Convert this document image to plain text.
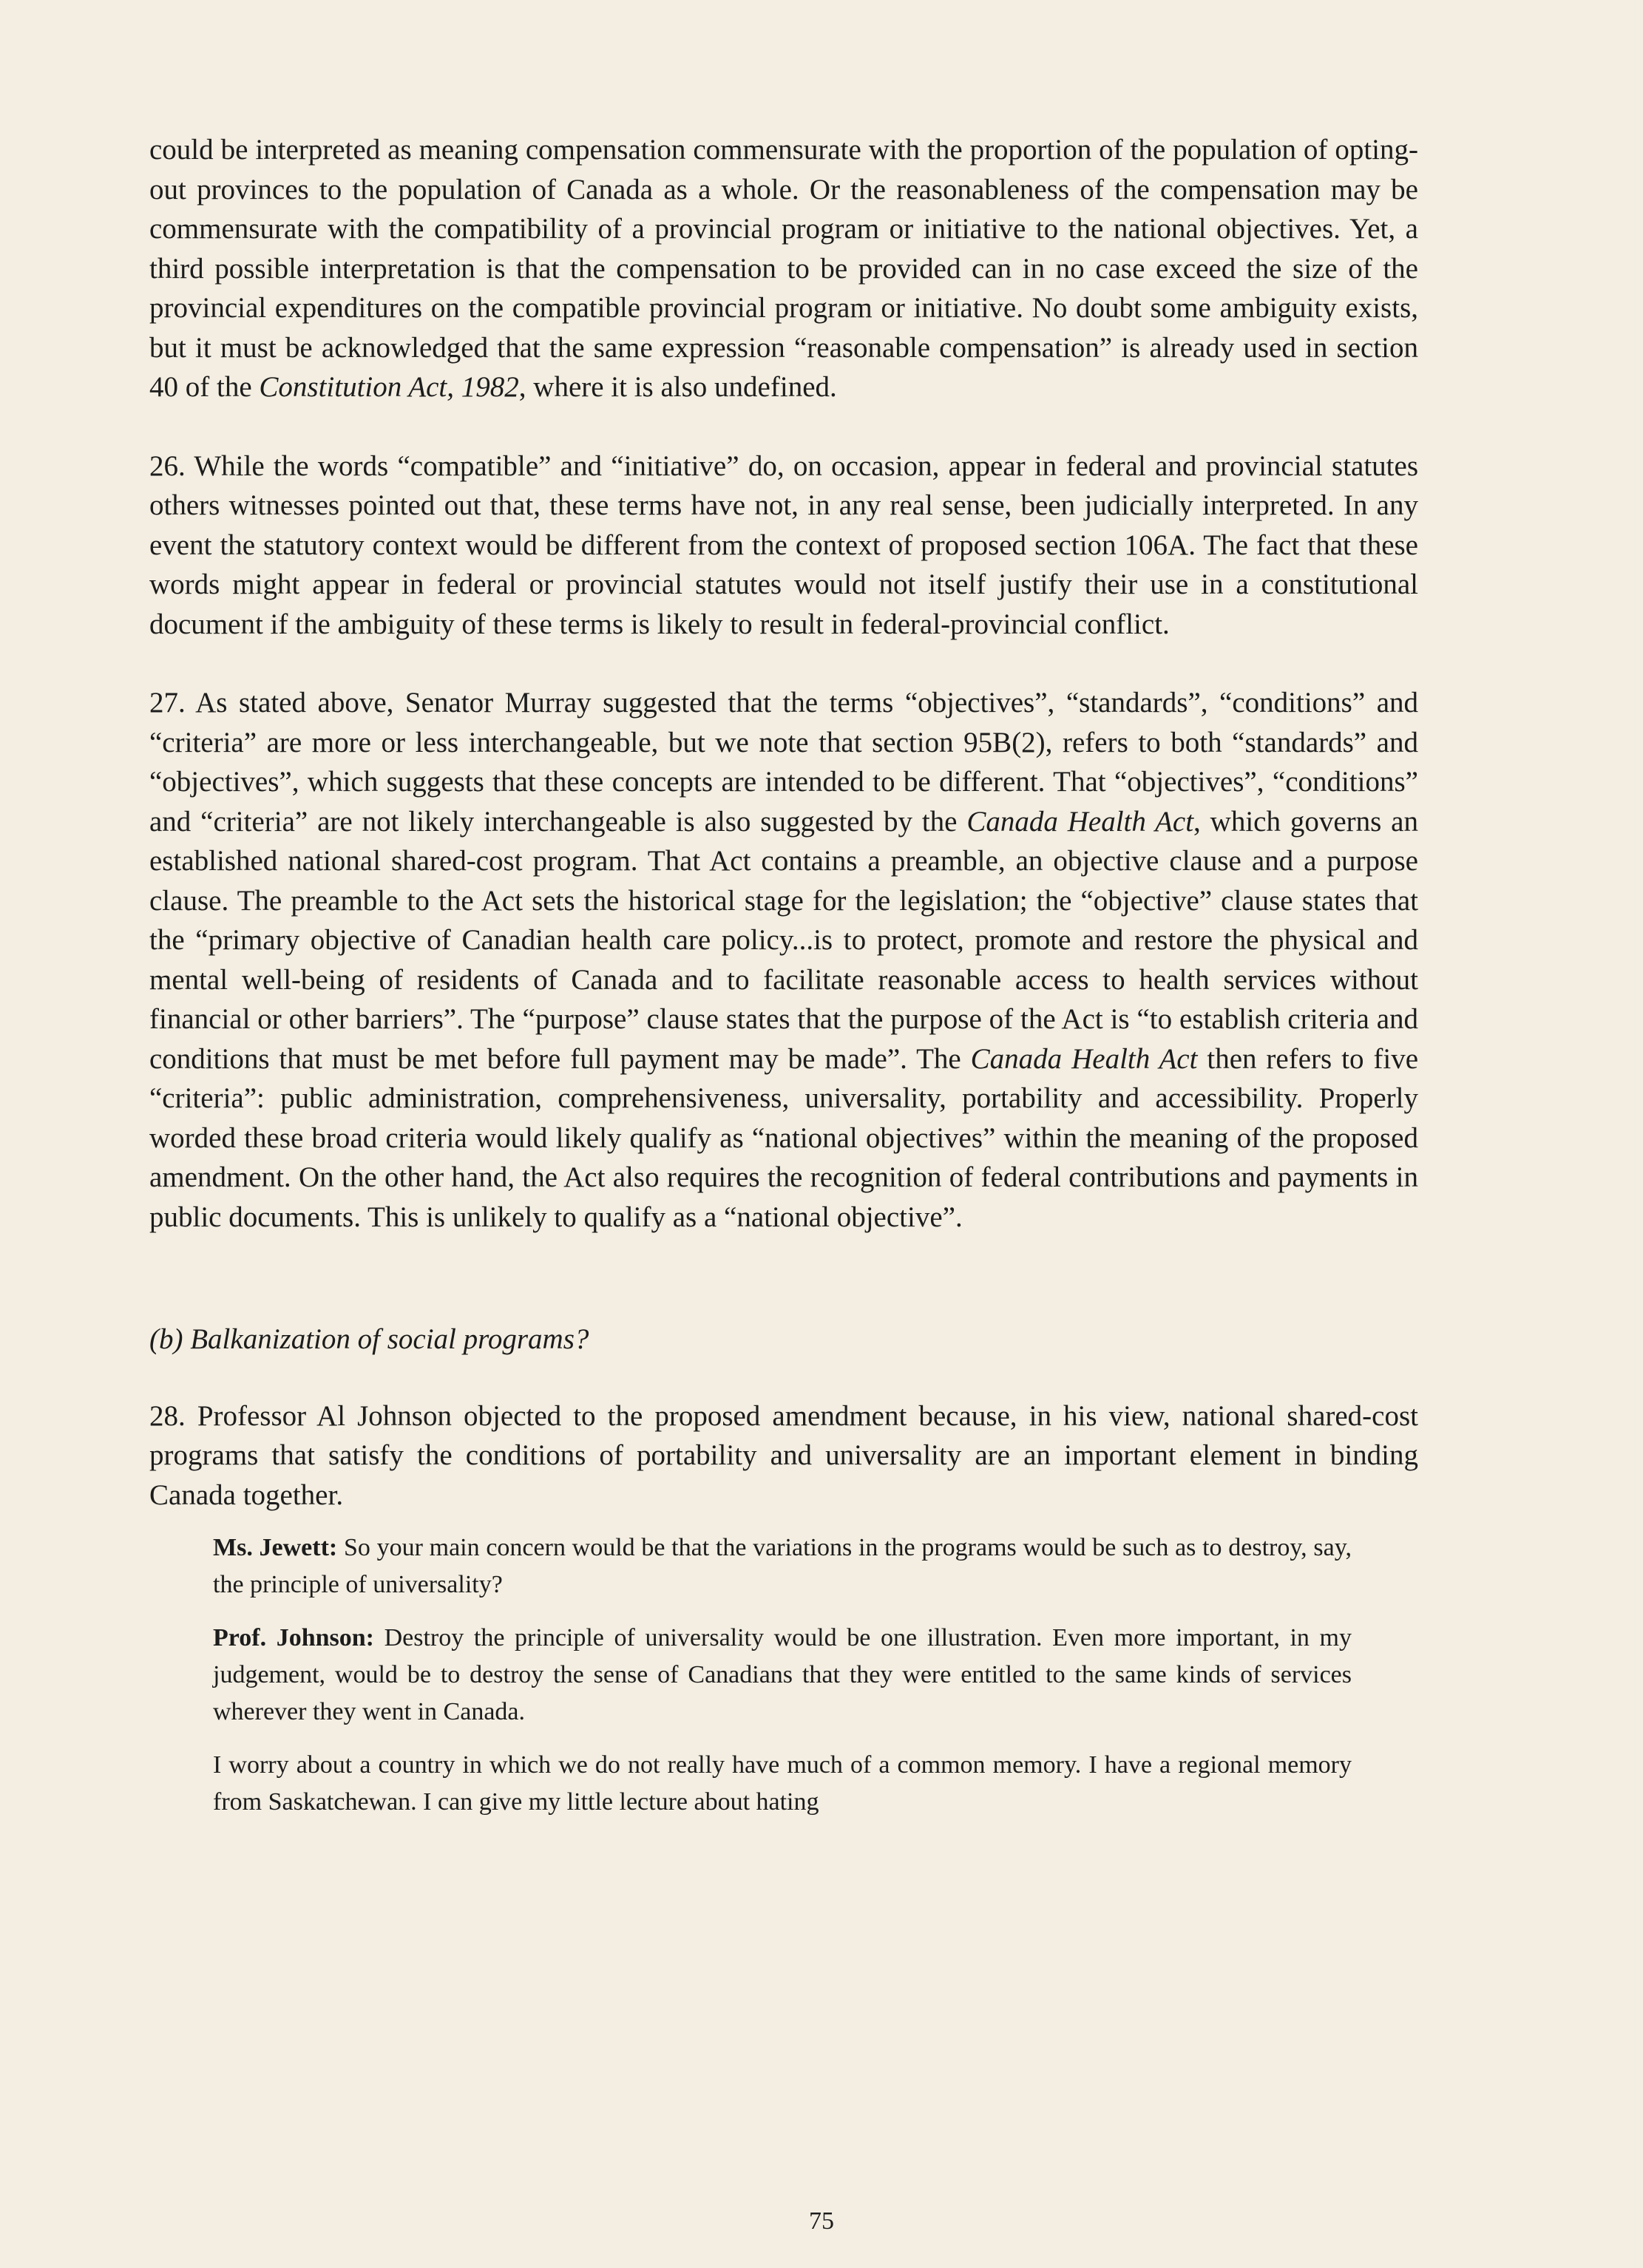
could be interpreted as meaning compensation commensurate with the proportion of the population of opting-out provinces to the population of Canada as a whole. Or the reasonableness of the compensation may be commensurate with the compatibility of a provincial program or initiative to the national objectives. Yet, a third possible interpretation is that the compensation to be provided can in no case exceed the size of the provincial expenditures on the compatible provincial program or initiative. No doubt some ambiguity exists, but it must be acknowledged that the same expression “reasonable compensation” is already used in section 40 of the Constitution Act, 1982, where it is also undefined.

26. While the words “compatible” and “initiative” do, on occasion, appear in federal and provincial statutes others witnesses pointed out that, these terms have not, in any real sense, been judicially interpreted. In any event the statutory context would be different from the context of proposed section 106A. The fact that these words might appear in federal or provincial statutes would not itself justify their use in a constitutional document if the ambiguity of these terms is likely to result in federal-provincial conflict.

27. As stated above, Senator Murray suggested that the terms “objectives”, “standards”, “conditions” and “criteria” are more or less interchangeable, but we note that section 95B(2), refers to both “standards” and “objectives”, which suggests that these concepts are intended to be different. That “objectives”, “conditions” and “criteria” are not likely interchangeable is also suggested by the Canada Health Act, which governs an established national shared-cost program. That Act contains a preamble, an objective clause and a purpose clause. The preamble to the Act sets the historical stage for the legislation; the “objective” clause states that the “primary objective of Canadian health care policy...is to protect, promote and restore the physical and mental well-being of residents of Canada and to facilitate reasonable access to health services without financial or other barriers”. The “purpose” clause states that the purpose of the Act is “to establish criteria and conditions that must be met before full payment may be made”. The Canada Health Act then refers to five “criteria”: public administration, comprehensiveness, universality, portability and accessibility. Properly worded these broad criteria would likely qualify as “national objectives” within the meaning of the proposed amendment. On the other hand, the Act also requires the recognition of federal contributions and payments in public documents. This is unlikely to qualify as a “national objective”.

(b) Balkanization of social programs?

28. Professor Al Johnson objected to the proposed amendment because, in his view, national shared-cost programs that satisfy the conditions of portability and universality are an important element in binding Canada together.

Ms. Jewett: So your main concern would be that the variations in the programs would be such as to destroy, say, the principle of universality?

Prof. Johnson: Destroy the principle of universality would be one illustration. Even more important, in my judgement, would be to destroy the sense of Canadians that they were entitled to the same kinds of services wherever they went in Canada.

I worry about a country in which we do not really have much of a common memory. I have a regional memory from Saskatchewan. I can give my little lecture about hating

75
